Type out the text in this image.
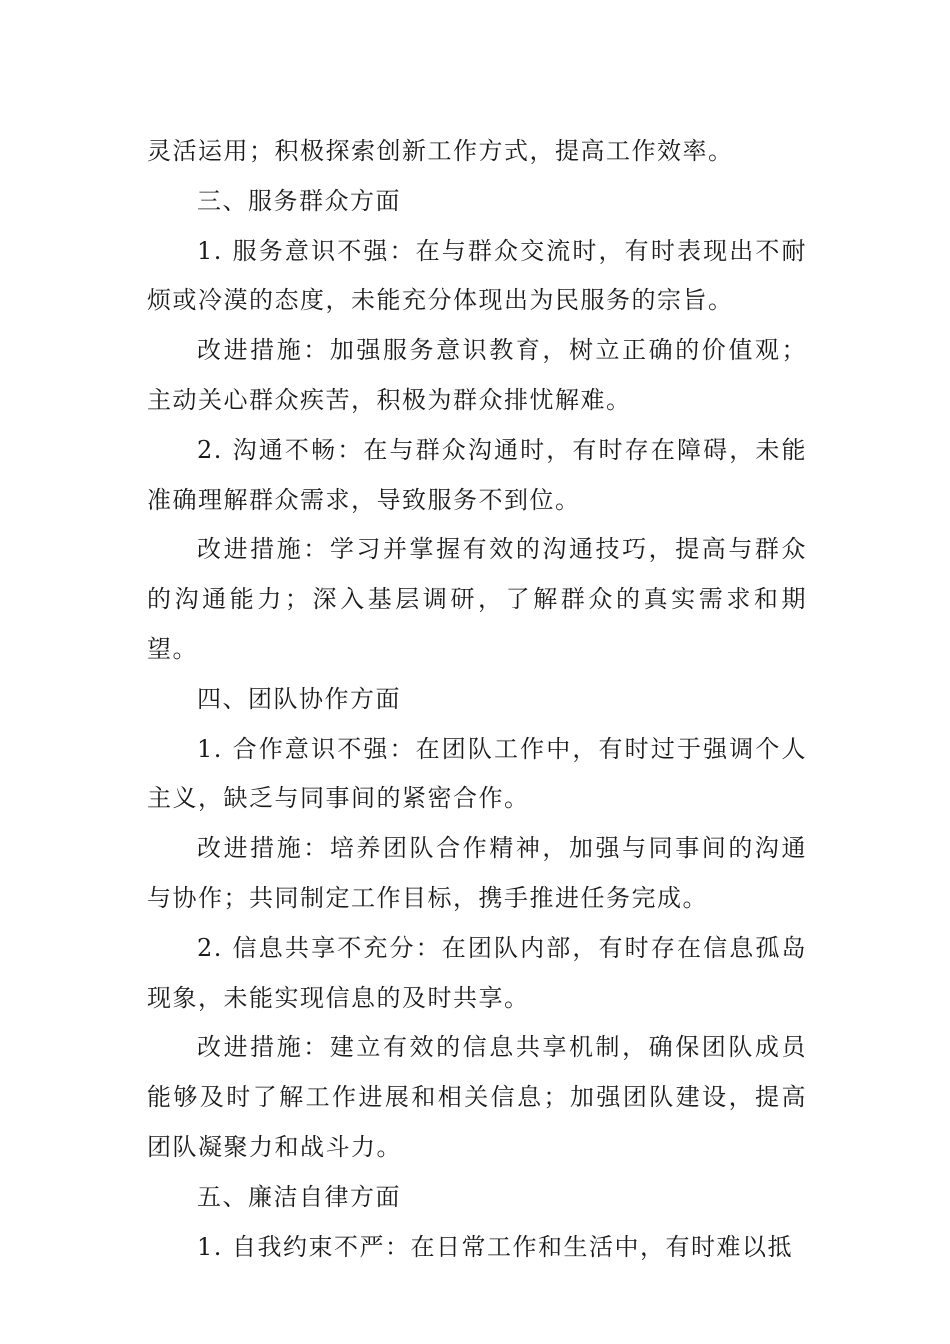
灵活运用；积极探索创新工作方式，提高工作效率。

三、服务群众方面

1. 服务意识不强：在与群众交流时，有时表现出不耐烦或冷漠的态度，未能充分体现出为民服务的宗旨。

改进措施：加强服务意识教育，树立正确的价值观；主动关心群众疾苦，积极为群众排忧解难。

2. 沟通不畅：在与群众沟通时，有时存在障碍，未能准确理解群众需求，导致服务不到位。

改进措施：学习并掌握有效的沟通技巧，提高与群众的沟通能力；深入基层调研，了解群众的真实需求和期望。

四、团队协作方面

1. 合作意识不强：在团队工作中，有时过于强调个人主义，缺乏与同事间的紧密合作。

改进措施：培养团队合作精神，加强与同事间的沟通与协作；共同制定工作目标，携手推进任务完成。

2. 信息共享不充分：在团队内部，有时存在信息孤岛现象，未能实现信息的及时共享。

改进措施：建立有效的信息共享机制，确保团队成员能够及时了解工作进展和相关信息；加强团队建设，提高团队凝聚力和战斗力。

五、廉洁自律方面

1. 自我约束不严：在日常工作和生活中，有时难以抵
